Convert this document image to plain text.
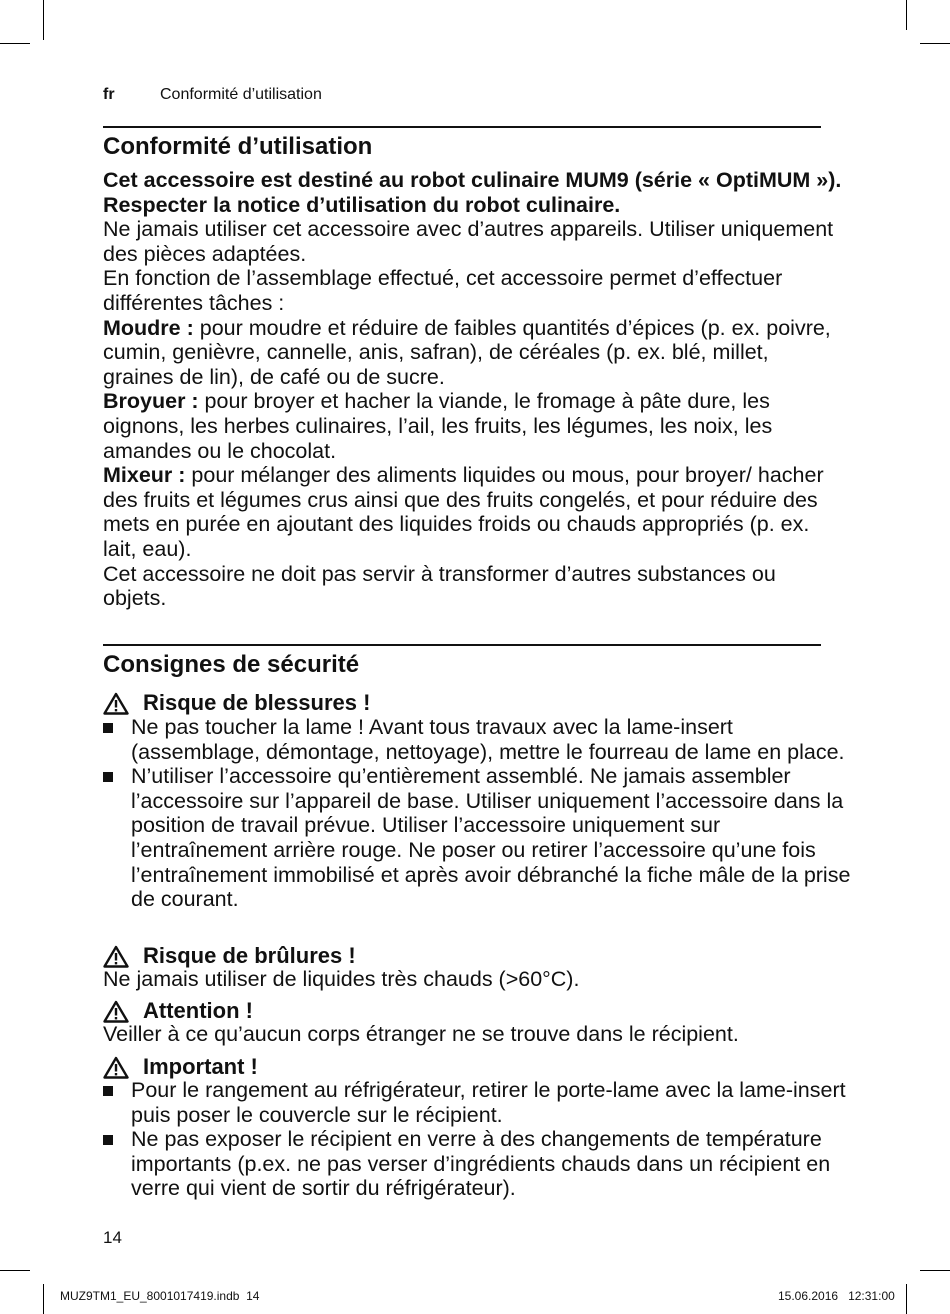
fr	Conformité d’utilisation
Conformité d’utilisation

Cet accessoire est destiné au robot culinaire MUM9 (série « OptiMUM »). Respecter la notice d’utilisation du robot culinaire.

Ne jamais utiliser cet accessoire avec d’autres appareils. Utiliser uniquement des pièces adaptées.

En fonction de l’assemblage effectué, cet accessoire permet d’effectuer différentes tâches :

Moudre : pour moudre et réduire de faibles quantités d’épices (p. ex. poivre, cumin, genièvre, cannelle, anis, safran), de céréales (p. ex. blé, millet, graines de lin), de café ou de sucre.

Broyuer : pour broyer et hacher la viande, le fromage à pâte dure, les oignons, les herbes culinaires, l’ail, les fruits, les légumes, les noix, les amandes ou le chocolat.

Mixeur : pour mélanger des aliments liquides ou mous, pour broyer/ hacher des fruits et légumes crus ainsi que des fruits congelés, et pour réduire des mets en purée en ajoutant des liquides froids ou chauds appropriés (p. ex. lait, eau).

Cet accessoire ne doit pas servir à transformer d’autres substances ou objets.

Consignes de sécurité
Risque de blessures !
Ne pas toucher la lame ! Avant tous travaux avec la lame-insert (assemblage, démontage, nettoyage), mettre le fourreau de lame en place.
N’utiliser l’accessoire qu’entièrement assemblé. Ne jamais assembler l’accessoire sur l’appareil de base. Utiliser uniquement l’accessoire dans la position de travail prévue. Utiliser l’accessoire uniquement sur l’entraînement arrière rouge. Ne poser ou retirer l’accessoire qu’une fois l’entraînement immobilisé et après avoir débranché la fiche mâle de la prise de courant.
Risque de brûlures !
Ne jamais utiliser de liquides très chauds (>60°C).
Attention !
Veiller à ce qu’aucun corps étranger ne se trouve dans le récipient.
Important !
Pour le rangement au réfrigérateur, retirer le porte-lame avec la lame-insert puis poser le couvercle sur le récipient.
Ne pas exposer le récipient en verre à des changements de température importants (p.ex. ne pas verser d’ingrédients chauds dans un récipient en verre qui vient de sortir du réfrigérateur).
14
MUZ9TM1_EU_8001017419.indb 14	15.06.2016 12:31:00
